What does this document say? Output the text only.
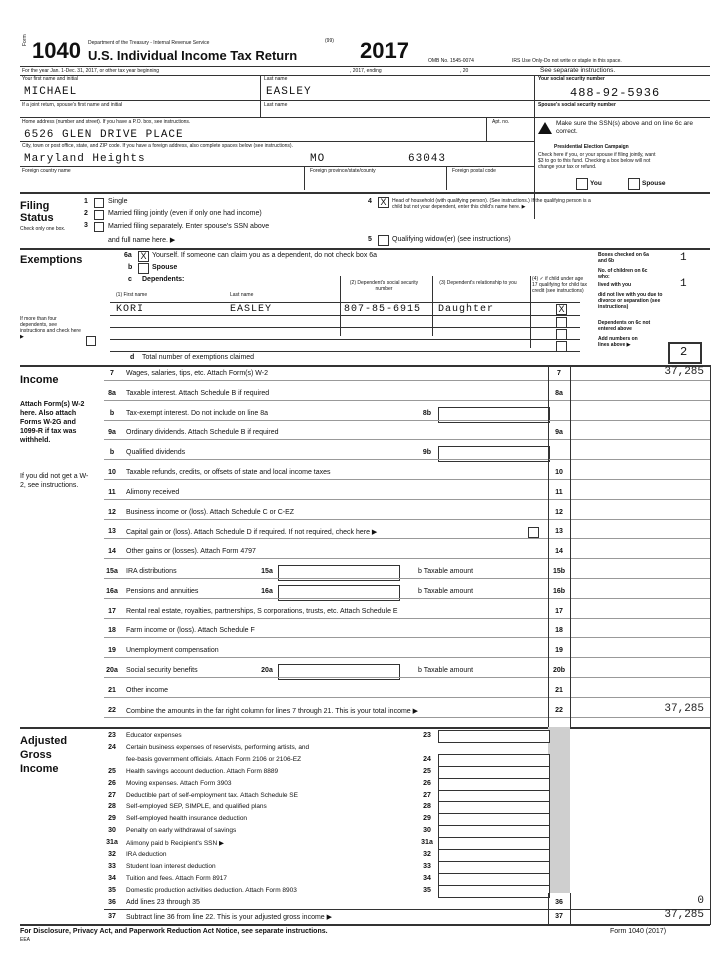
Form 1040 Department of the Treasury - Internal Revenue Service	(99)
U.S. Individual Income Tax Return	2017	OMB No. 1545-0074	IRS Use Only-Do not write or staple in this space.
For the year Jan. 1-Dec. 31, 2017, or other tax year beginning	, 2017, ending	, 20	See separate instructions.
Your first name and initial	Last name	Your social security number
MICHAEL	EASLEY	488-92-5936
If a joint return, spouse's first name and initial	Last name	Spouse's social security number
Home address (number and street). If you have a P.O. box, see instructions.	Apt. no.
6526 GLEN DRIVE PLACE
Make sure the SSN(s) above and on line 6c are correct.
City, town or post office, state, and ZIP code. If you have a foreign address, also complete spaces below (see instructions).
Maryland Heights	MO	63043
Foreign country name	Foreign province/state/county	Foreign postal code
Presidential Election Campaign
Check here if you, or your spouse if filing jointly, want $3 to go to this fund. Checking a box below will not change your tax or refund.
You	Spouse
Filing Status
Check only one box.
1	Single
2	Married filing jointly (even if only one had income)
3	Married filing separately. Enter spouse's SSN above
and full name here. ▶
4 X	Head of household (with qualifying person). (See instructions.) If the qualifying person is a child but not your dependent, enter this child's name here. ▶
5	Qualifying widow(er) (see instructions)
Exemptions	6a X Yourself. If someone can claim you as a dependent, do not check box 6a
b	Spouse
c Dependents:
(1) First name	Last name
(2) Dependent's social security number
(3) Dependent's relationship to you
(4) ✓ if child under age 17 qualifying for child tax credit (see instructions)
KORI	EASLEY	807-85-6915 Daughter	X
If more than four dependents, see instructions and check here ▶
d Total number of exemptions claimed
Boxes checked on 6a and 6b	1
No. of children on 6c who:
lived with you	1
did not live with you due to divorce or separation (see instructions)
Dependents on 6c not entered above
Add numbers on lines above ▶	2
Income
Attach Form(s) W-2 here. Also attach Forms W-2G and 1099-R if tax was withheld.
If you did not get a W-2, see instructions.
7	Wages, salaries, tips, etc. Attach Form(s) W-2	7	37,285
8a	Taxable interest. Attach Schedule B if required	8a
b	Tax-exempt interest. Do not include on line 8a	8b
9a	Ordinary dividends. Attach Schedule B if required	9a
b	Qualified dividends	9b
10	Taxable refunds, credits, or offsets of state and local income taxes	10
11	Alimony received	11
12	Business income or (loss). Attach Schedule C or C-EZ	12
13	Capital gain or (loss). Attach Schedule D if required. If not required, check here ▶	13
14	Other gains or (losses). Attach Form 4797	14
15a	IRA distributions	15a	b Taxable amount	15b
16a	Pensions and annuities	16a	b Taxable amount	16b
17	Rental real estate, royalties, partnerships, S corporations, trusts, etc. Attach Schedule E	17
18	Farm income or (loss). Attach Schedule F	18
19	Unemployment compensation	19
20a	Social security benefits	20a	b Taxable amount	20b
21	Other income	21
22	Combine the amounts in the far right column for lines 7 through 21. This is your total income ▶	22	37,285
Adjusted Gross Income
23	Educator expenses	23
24	Certain business expenses of reservists, performing artists, and
fee-basis government officials. Attach Form 2106 or 2106-EZ	24
25	Health savings account deduction. Attach Form 8889	25
26	Moving expenses. Attach Form 3903	26
27	Deductible part of self-employment tax. Attach Schedule SE	27
28	Self-employed SEP, SIMPLE, and qualified plans	28
29	Self-employed health insurance deduction	29
30	Penalty on early withdrawal of savings	30
31a	Alimony paid b Recipient's SSN ▶	31a
32	IRA deduction	32
33	Student loan interest deduction	33
34	Tuition and fees. Attach Form 8917	34
35	Domestic production activities deduction. Attach Form 8903	35
36	Add lines 23 through 35	36	0
37	Subtract line 36 from line 22. This is your adjusted gross income ▶	37	37,285
For Disclosure, Privacy Act, and Paperwork Reduction Act Notice, see separate instructions.
EEA
Form 1040 (2017)
